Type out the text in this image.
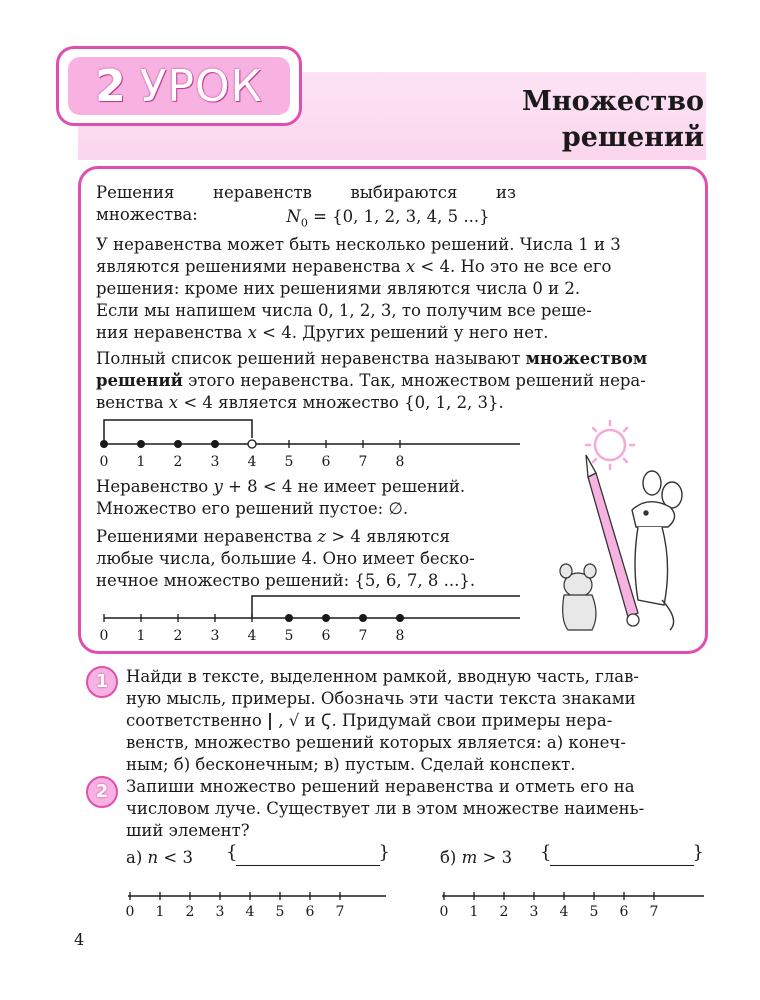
2 УРОК	Множество
решений
Решения неравенств выбираются из множества:	$N_0 = \{0$, 1, 2, 3, 4, 5 ...}
У неравенства может быть несколько решений. Числа 1 и 3
являются решениями неравенства x < 4. Но это не все его
решения: кроме них решениями являются числа 0 и 2.
Если мы напишем числа 0, 1, 2, 3, то получим все реше-
ния неравенства x < 4. Других решений у него нет.
Полный список решений неравенства называют множеством
решений этого неравенства. Так, множеством решений нера-
венства x < 4 является множество {0, 1, 2, 3}.
0 1 2 3 4 5 6 7 8
Неравенство y + 8 < 4 не имеет решений.
Множество его решений пустое: ∅.
Решениями неравенства z > 4 являются
любые числа, большие 4. Оно имеет беско-
нечное множество решений: {5, 6, 7, 8 ...}.
0 1 2 3 4 5 6 7 8
1	Найди в тексте, выделенном рамкой, вводную часть, глав-
ную мысль, примеры. Обозначь эти части текста знаками
соответственно | , √ и Ϛ. Придумай свои примеры нера-
венств, множество решений которых является: а) конеч-
ным; б) бесконечным; в) пустым. Сделай конспект.
2	Запиши множество решений неравенства и отметь его на
числовом луче. Существует ли в этом множестве наимень-
ший элемент?
а) n < 3 {	}
0 1 2 3 4 5 6 7
б) m > 3 {	}
0 1 2 3 4 5 6 7
4
